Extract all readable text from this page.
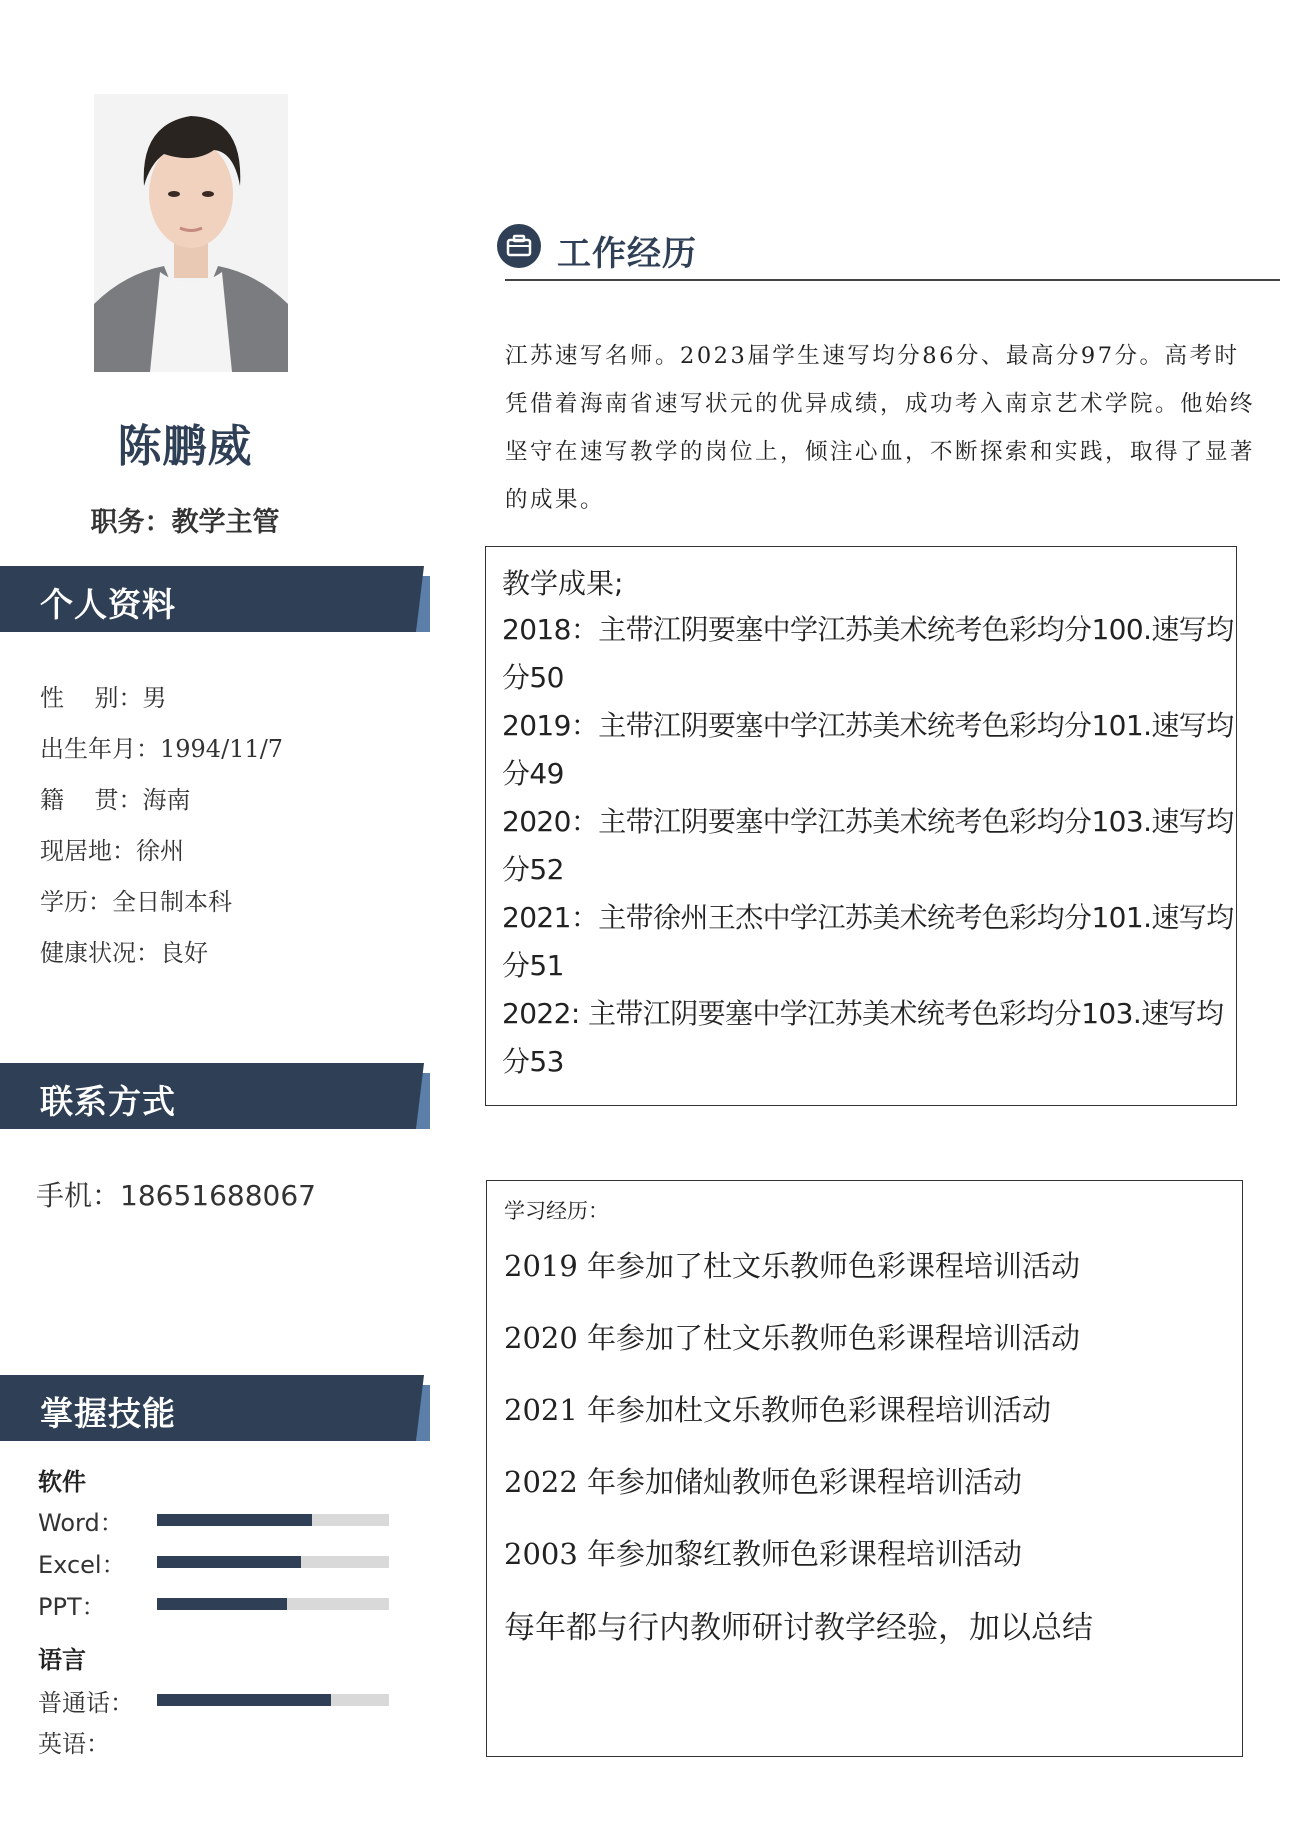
陈鹏威
职务：教学主管
个人资料
性    别：男
出生年月：1994/11/7
籍    贯：海南
现居地：徐州
学历：全日制本科
健康状况：良好
联系方式
手机：18651688067
掌握技能
软件
Word：
Excel：
PPT：
语言
普通话：
英语：
工作经历
江苏速写名师。2023届学生速写均分86分、最高分97分。高考时凭借着海南省速写状元的优异成绩，成功考入南京艺术学院。他始终坚守在速写教学的岗位上，倾注心血，不断探索和实践，取得了显著的成果。
教学成果;
2018：主带江阴要塞中学江苏美术统考色彩均分100.速写均
分50
2019：主带江阴要塞中学江苏美术统考色彩均分101.速写均
分49
2020：主带江阴要塞中学江苏美术统考色彩均分103.速写均
分52
2021：主带徐州王杰中学江苏美术统考色彩均分101.速写均
分51
2022: 主带江阴要塞中学江苏美术统考色彩均分103.速写均
分53
学习经历：
2019 年参加了杜文乐教师色彩课程培训活动
2020 年参加了杜文乐教师色彩课程培训活动
2021 年参加杜文乐教师色彩课程培训活动
2022 年参加储灿教师色彩课程培训活动
2003 年参加黎红教师色彩课程培训活动
每年都与行内教师研讨教学经验，加以总结
